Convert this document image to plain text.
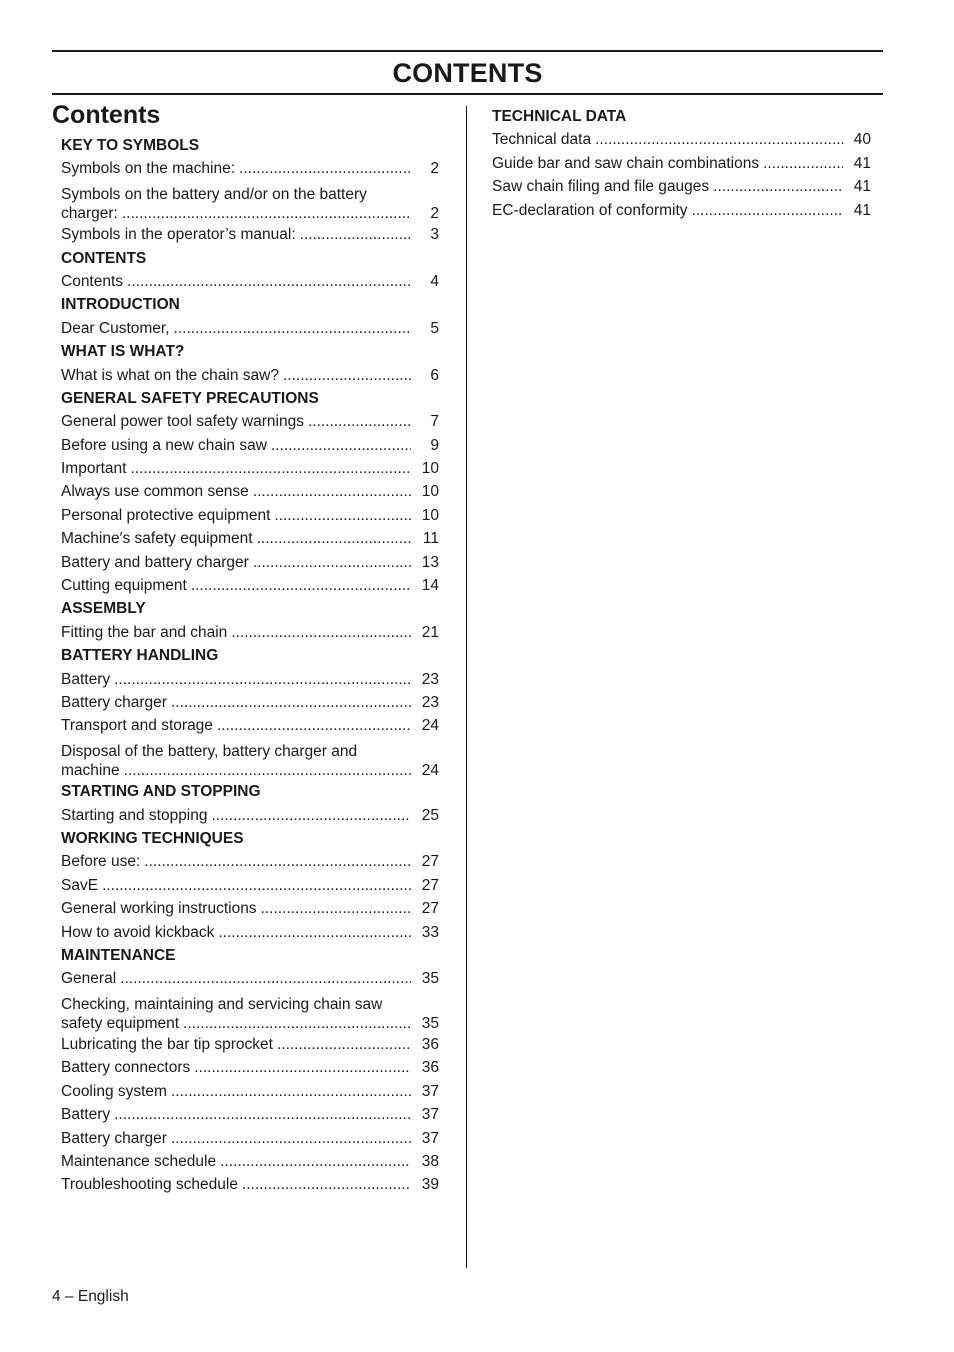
CONTENTS
Contents
KEY TO SYMBOLS
Symbols on the machine: .....	2
Symbols on the battery and/or on the battery
charger: .....	2
Symbols in the operator’s manual: .....	3
CONTENTS
Contents .....	4
INTRODUCTION
Dear Customer, .....	5
WHAT IS WHAT?
What is what on the chain saw? .....	6
GENERAL SAFETY PRECAUTIONS
General power tool safety warnings .....	7
Before using a new chain saw .....	9
Important .....	10
Always use common sense .....	10
Personal protective equipment .....	10
Machine′s safety equipment .....	11
Battery and battery charger .....	13
Cutting equipment .....	14
ASSEMBLY
Fitting the bar and chain .....	21
BATTERY HANDLING
Battery .....	23
Battery charger .....	23
Transport and storage .....	24
Disposal of the battery, battery charger and
machine .....	24
STARTING AND STOPPING
Starting and stopping .....	25
WORKING TECHNIQUES
Before use: .....	27
SavE .....	27
General working instructions .....	27
How to avoid kickback .....	33
MAINTENANCE
General .....	35
Checking, maintaining and servicing chain saw
safety equipment .....	35
Lubricating the bar tip sprocket .....	36
Battery connectors .....	36
Cooling system .....	37
Battery .....	37
Battery charger .....	37
Maintenance schedule .....	38
Troubleshooting schedule .....	39
TECHNICAL DATA
Technical data .....	40
Guide bar and saw chain combinations .....	41
Saw chain filing and file gauges .....	41
EC-declaration of conformity .....	41
4 – English
